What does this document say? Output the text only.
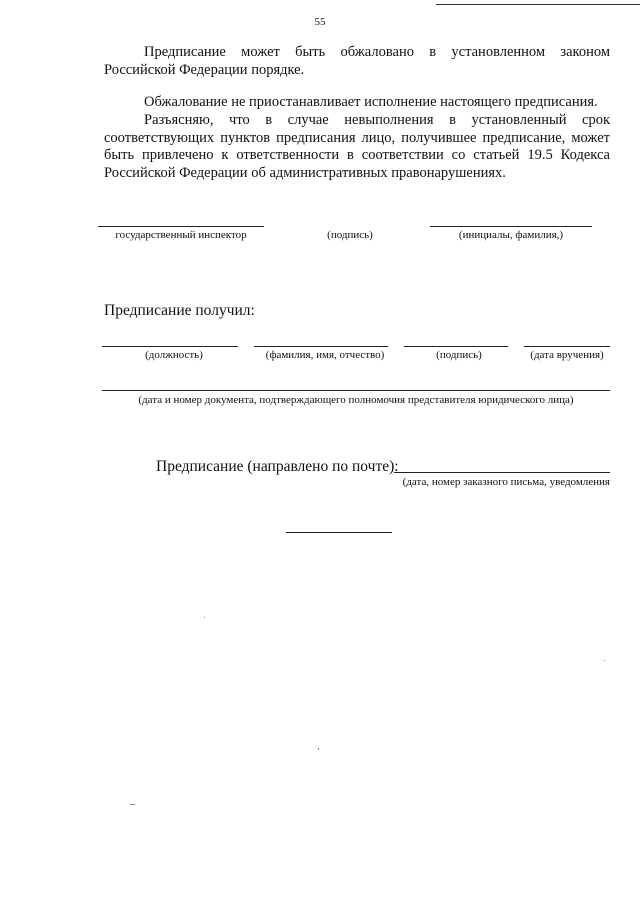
55
Предписание может быть обжаловано в установленном законом Российской Федерации порядке.
Обжалование не приостанавливает исполнение настоящего предписания.
Разъясняю, что в случае невыполнения в установленный срок соответствующих пунктов предписания лицо, получившее предписание, может быть привлечено к ответственности в соответствии со статьей 19.5 Кодекса Российской Федерации об административных правонарушениях.
государственный инспектор	(подпись)	(инициалы, фамилия,)
Предписание получил:
(должность)	(фамилия, имя, отчество)	(подпись)	(дата вручения)
(дата и номер документа, подтверждающего полномочия представителя юридического лица)
Предписание (направлено по почте):
(дата, номер заказного письма, уведомления
